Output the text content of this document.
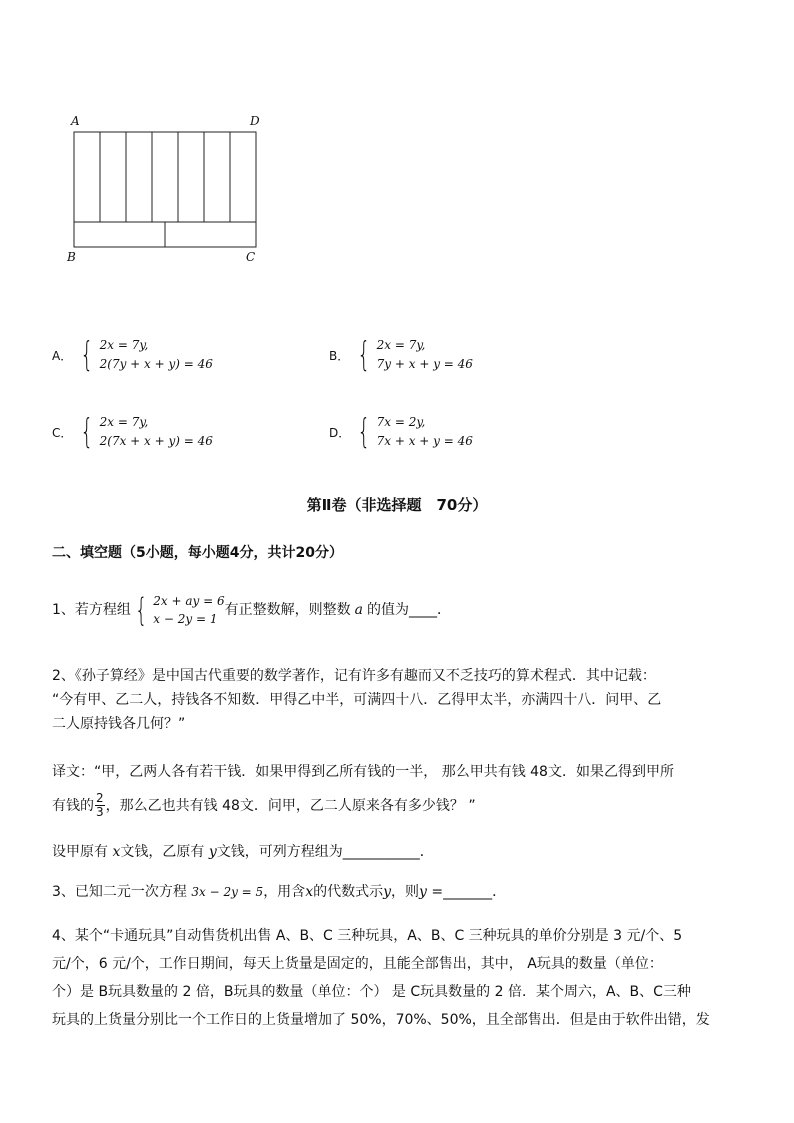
A	D
B	C
A． { 2x = 7y,
2(7y + x + y) = 46
B． { 2x = 7y,
7y + x + y = 46
C． { 2x = 7y,
2(7x + x + y) = 46
D． { 7x = 2y,
7x + x + y = 46
第Ⅱ卷（非选择题　70分）
二、填空题（5小题，每小题4分，共计20分）
1、若方程组 { 2x + ay = 6
x − 2y = 1
有正整数解，则整数 a 的值为____．
2、《孙子算经》是中国古代重要的数学著作，记有许多有趣而又不乏技巧的算术程式．其中记载：
“今有甲、乙二人，持钱各不知数．甲得乙中半，可满四十八．乙得甲太半，亦满四十八．问甲、乙
二人原持钱各几何？”
译文：“甲，乙两人各有若干钱．如果甲得到乙所有钱的一半， 那么甲共有钱 48文．如果乙得到甲所
有钱的 $\frac{2}{3}$ ，那么乙也共有钱 48文．问甲，乙二人原来各有多少钱？ ”
设甲原有 x文钱，乙原有 y文钱，可列方程组为___________．
3、已知二元一次方程 3x − 2y = 5，用含x的代数式示y，则y =_______．
4、某个“卡通玩具”自动售货机出售 A、B、C 三种玩具，A、B、C 三种玩具的单价分别是 3 元/个、5
元/个，6 元/个，工作日期间，每天上货量是固定的，且能全部售出，其中， A玩具的数量（单位：
个）是 B玩具数量的 2 倍，B玩具的数量（单位：个） 是 C玩具数量的 2 倍．某个周六，A、B、C三种
玩具的上货量分别比一个工作日的上货量增加了 50%，70%、50%，且全部售出．但是由于软件出错，发
